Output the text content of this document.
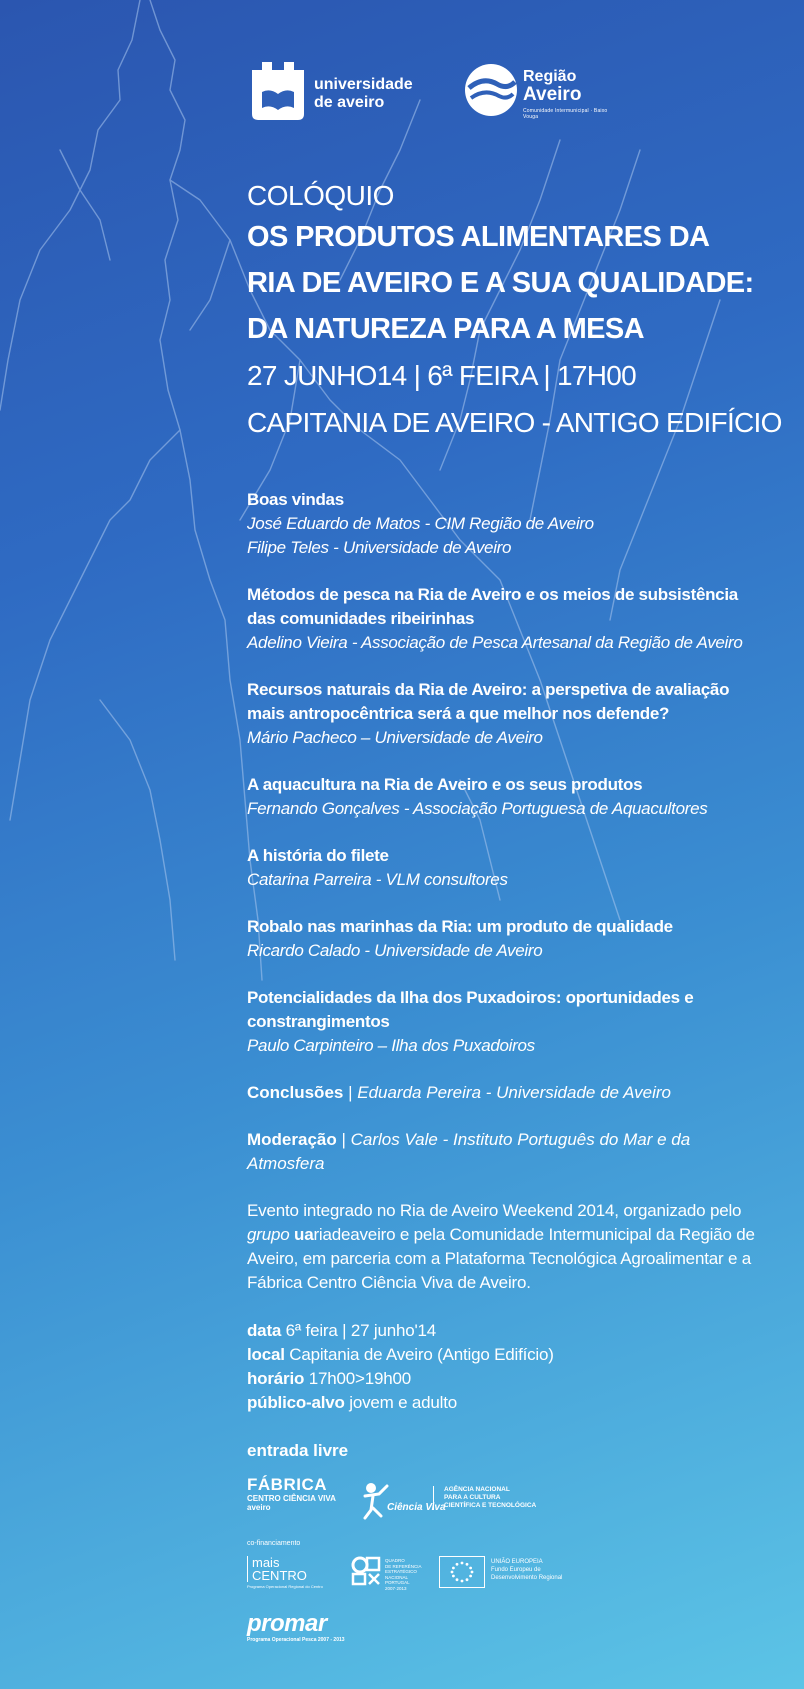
universidade
de aveiro
Região
Aveiro
Comunidade Intermunicipal · Baixo Vouga
COLÓQUIO
OS PRODUTOS ALIMENTARES DA
RIA DE AVEIRO E A SUA QUALIDADE:
DA NATUREZA PARA A MESA
27 JUNHO14 | 6ª FEIRA | 17H00
CAPITANIA DE AVEIRO - ANTIGO EDIFÍCIO
Boas vindas
José Eduardo de Matos - CIM Região de Aveiro
Filipe Teles - Universidade de Aveiro
Métodos de pesca na Ria de Aveiro e os meios de subsistência das comunidades ribeirinhas
Adelino Vieira - Associação de Pesca Artesanal da Região de Aveiro
Recursos naturais da Ria de Aveiro: a perspetiva de avaliação mais antropocêntrica será a que melhor nos defende?
Mário Pacheco – Universidade de Aveiro
A aquacultura na Ria de Aveiro e os seus produtos
Fernando Gonçalves - Associação Portuguesa de Aquacultores
A história do filete
Catarina Parreira - VLM consultores
Robalo nas marinhas da Ria: um produto de qualidade
Ricardo Calado - Universidade de Aveiro
Potencialidades da Ilha dos Puxadoiros: oportunidades e constrangimentos
Paulo Carpinteiro – Ilha dos Puxadoiros
Conclusões | Eduarda Pereira - Universidade de Aveiro
Moderação | Carlos Vale - Instituto Português do Mar e da Atmosfera
Evento integrado no Ria de Aveiro Weekend 2014, organizado pelo grupo uariadeaveiro e pela Comunidade Intermunicipal da Região de Aveiro, em parceria com a Plataforma Tecnológica Agroalimentar e a Fábrica Centro Ciência Viva de Aveiro.
data 6ª feira | 27 junho'14
local Capitania de Aveiro (Antigo Edifício)
horário 17h00>19h00
público-alvo jovem e adulto
entrada livre
FÁBRICA
CENTRO CIÊNCIA VIVA
aveiro	Ciência Viva
AGÊNCIA NACIONAL
PARA A CULTURA
CIENTÍFICA E TECNOLÓGICA
co-financiamento
mais
CENTRO
Programa Operacional Regional do Centro
QUADRO
DE REFERÊNCIA
ESTRATÉGICO
NACIONAL
PORTUGAL 2007·2013
UNIÃO EUROPEIA
Fundo Europeu de
Desenvolvimento Regional
promar
Programa Operacional Pesca 2007 - 2013
